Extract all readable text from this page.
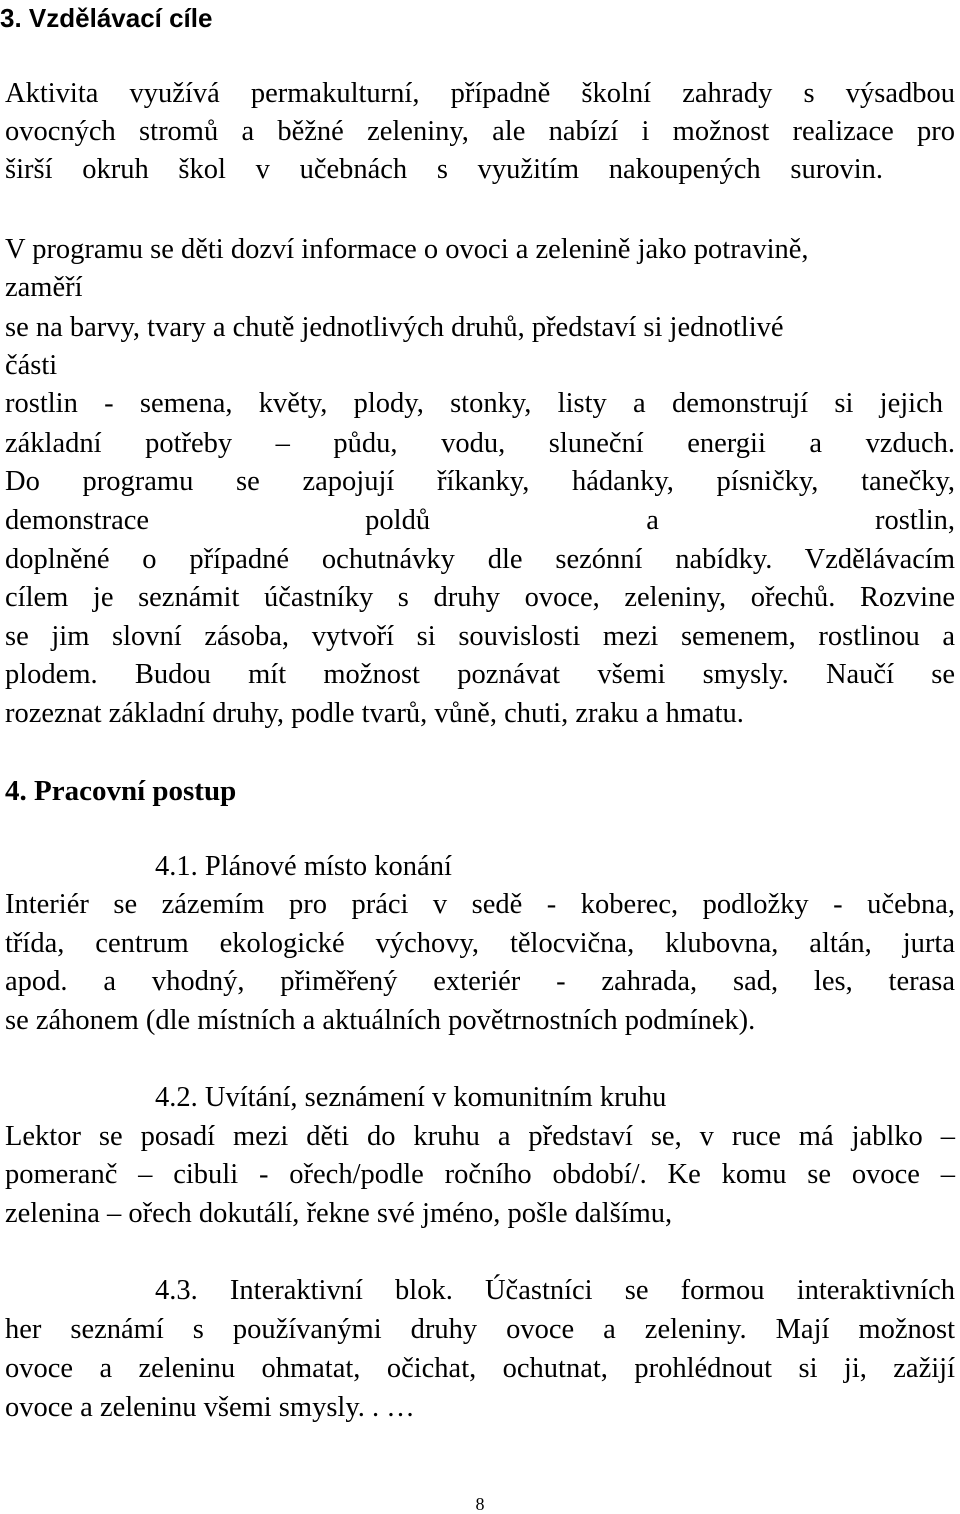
3. Vzdělávací cíle
Aktivita využívá permakulturní, případně školní zahrady s výsadbou
ovocných stromů a běžné zeleniny, ale nabízí i možnost realizace pro
širší okruh škol v učebnách s využitím nakoupených surovin.
V programu se děti dozví informace o ovoci a zelenině jako potravině,
zaměří
se na barvy, tvary a chutě jednotlivých druhů, představí si jednotlivé
části
rostlin - semena, květy, plody, stonky, listy a demonstrují si jejich
základní potřeby – půdu, vodu, sluneční energii a vzduch.
Do programu se zapojují říkanky, hádanky, písničky, tanečky,
demonstrace poldů a rostlin,
doplněné o případné ochutnávky dle sezónní nabídky. Vzdělávacím
cílem je seznámit účastníky s druhy ovoce, zeleniny, ořechů. Rozvine
se jim slovní zásoba, vytvoří si souvislosti mezi semenem, rostlinou a
plodem. Budou mít možnost poznávat všemi smysly. Naučí se
rozeznat základní druhy, podle tvarů, vůně, chuti, zraku a hmatu.
4. Pracovní postup
4.1. Plánové místo konání
Interiér se zázemím pro práci v sedě - koberec, podložky - učebna,
třída, centrum ekologické výchovy, tělocvična, klubovna, altán, jurta
apod. a vhodný, přiměřený exteriér - zahrada, sad, les, terasa
se záhonem (dle místních a aktuálních povětrnostních podmínek).
4.2. Uvítání, seznámení v komunitním kruhu
Lektor se posadí mezi děti do kruhu a představí se, v ruce má jablko –
pomeranč – cibuli - ořech/podle ročního období/. Ke komu se ovoce –
zelenina – ořech dokutálí, řekne své jméno, pošle dalšímu,
4.3. Interaktivní blok. Účastníci se formou interaktivních
her seznámí s používanými druhy ovoce a zeleniny. Mají možnost
ovoce a zeleninu ohmatat, očichat, ochutnat, prohlédnout si ji, zažijí
ovoce a zeleninu všemi smysly. . …
8
